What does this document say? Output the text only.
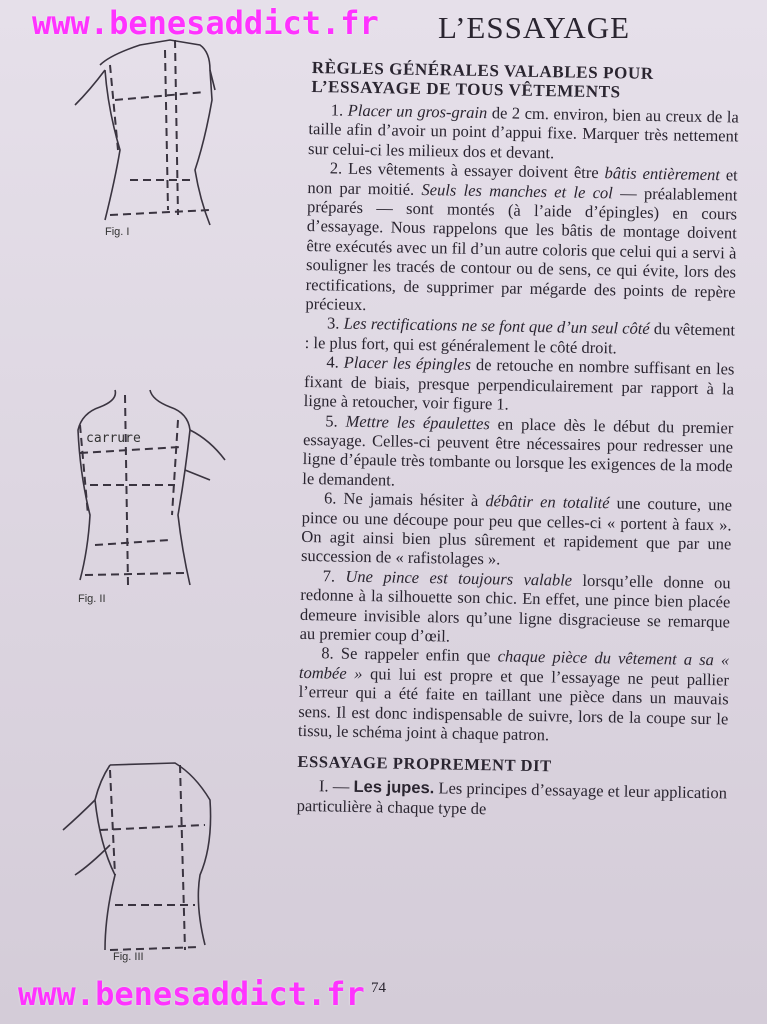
www.benesaddict.fr
www.benesaddict.fr
L’ESSAYAGE
RÈGLES GÉNÉRALES VALABLES POUR
L’ESSAYAGE DE TOUS VÊTEMENTS

1. Placer un gros-grain de 2 cm. environ, bien au creux de la taille afin d’avoir un point d’appui fixe. Marquer très nettement sur celui-ci les milieux dos et devant.

2. Les vêtements à essayer doivent être bâtis entièrement et non par moitié. Seuls les manches et le col — préalablement préparés — sont montés (à l’aide d’épingles) en cours d’essayage. Nous rappelons que les bâtis de montage doivent être exécutés avec un fil d’un autre coloris que celui qui a servi à souligner les tracés de contour ou de sens, ce qui évite, lors des rectifications, de supprimer par mégarde des points de repère précieux.

3. Les rectifications ne se font que d’un seul côté du vêtement : le plus fort, qui est généralement le côté droit.

4. Placer les épingles de retouche en nombre suffisant en les fixant de biais, presque perpendiculairement par rapport à la ligne à retoucher, voir figure 1.

5. Mettre les épaulettes en place dès le début du premier essayage. Celles-ci peuvent être nécessaires pour redresser une ligne d’épaule très tombante ou lorsque les exigences de la mode le demandent.

6. Ne jamais hésiter à débâtir en totalité une couture, une pince ou une découpe pour peu que celles-ci « portent à faux ». On agit ainsi bien plus sûrement et rapidement que par une succession de « rafistolages ».

7. Une pince est toujours valable lorsqu’elle donne ou redonne à la silhouette son chic. En effet, une pince bien placée demeure invisible alors qu’une ligne disgracieuse se remarque au premier coup d’œil.

8. Se rappeler enfin que chaque pièce du vêtement a sa « tombée » qui lui est propre et que l’essayage ne peut pallier l’erreur qui a été faite en taillant une pièce dans un mauvais sens. Il est donc indispensable de suivre, lors de la coupe sur le tissu, le schéma joint à chaque patron.

ESSAYAGE PROPREMENT DIT

I. — Les jupes. Les principes d’essayage et leur application particulière à chaque type de

74
Fig. I
carrure
Fig. II
Fig. III
